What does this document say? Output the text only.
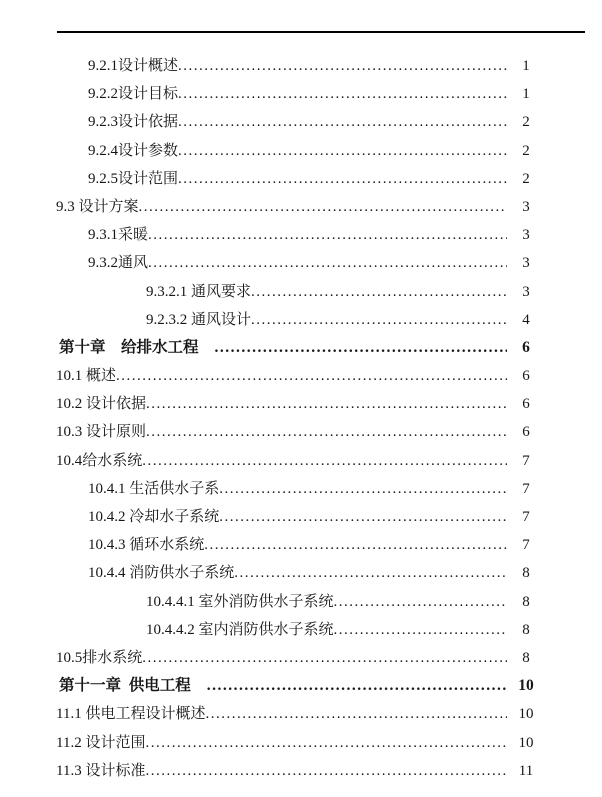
9.2.1设计概述 .....	1
9.2.2设计目标 .....	1
9.2.3设计依据 .....	2
9.2.4设计参数 .....	2
9.2.5设计范围 .....	2
9.3 设计方案 .....	3
9.3.1采暖 .....	3
9.3.2通风 .....	3
9.3.2.1 通风要求 .....	3
9.2.3.2 通风设计 .....	4
第十章　给排水工程 .....	6
10.1 概述 .....	6
10.2 设计依据 .....	6
10.3 设计原则 .....	6
10.4给水系统 .....	7
10.4.1 生活供水子系 .....	7
10.4.2 冷却水子系统 .....	7
10.4.3 循环水系统 .....	7
10.4.4 消防供水子系统 .....	8
10.4.4.1 室外消防供水子系统 .....	8
10.4.4.2 室内消防供水子系统 .....	8
10.5排水系统 .....	8
第十一章  供电工程 .....	10
11.1 供电工程设计概述 .....	10
11.2 设计范围 .....	10
11.3 设计标准 .....	11
